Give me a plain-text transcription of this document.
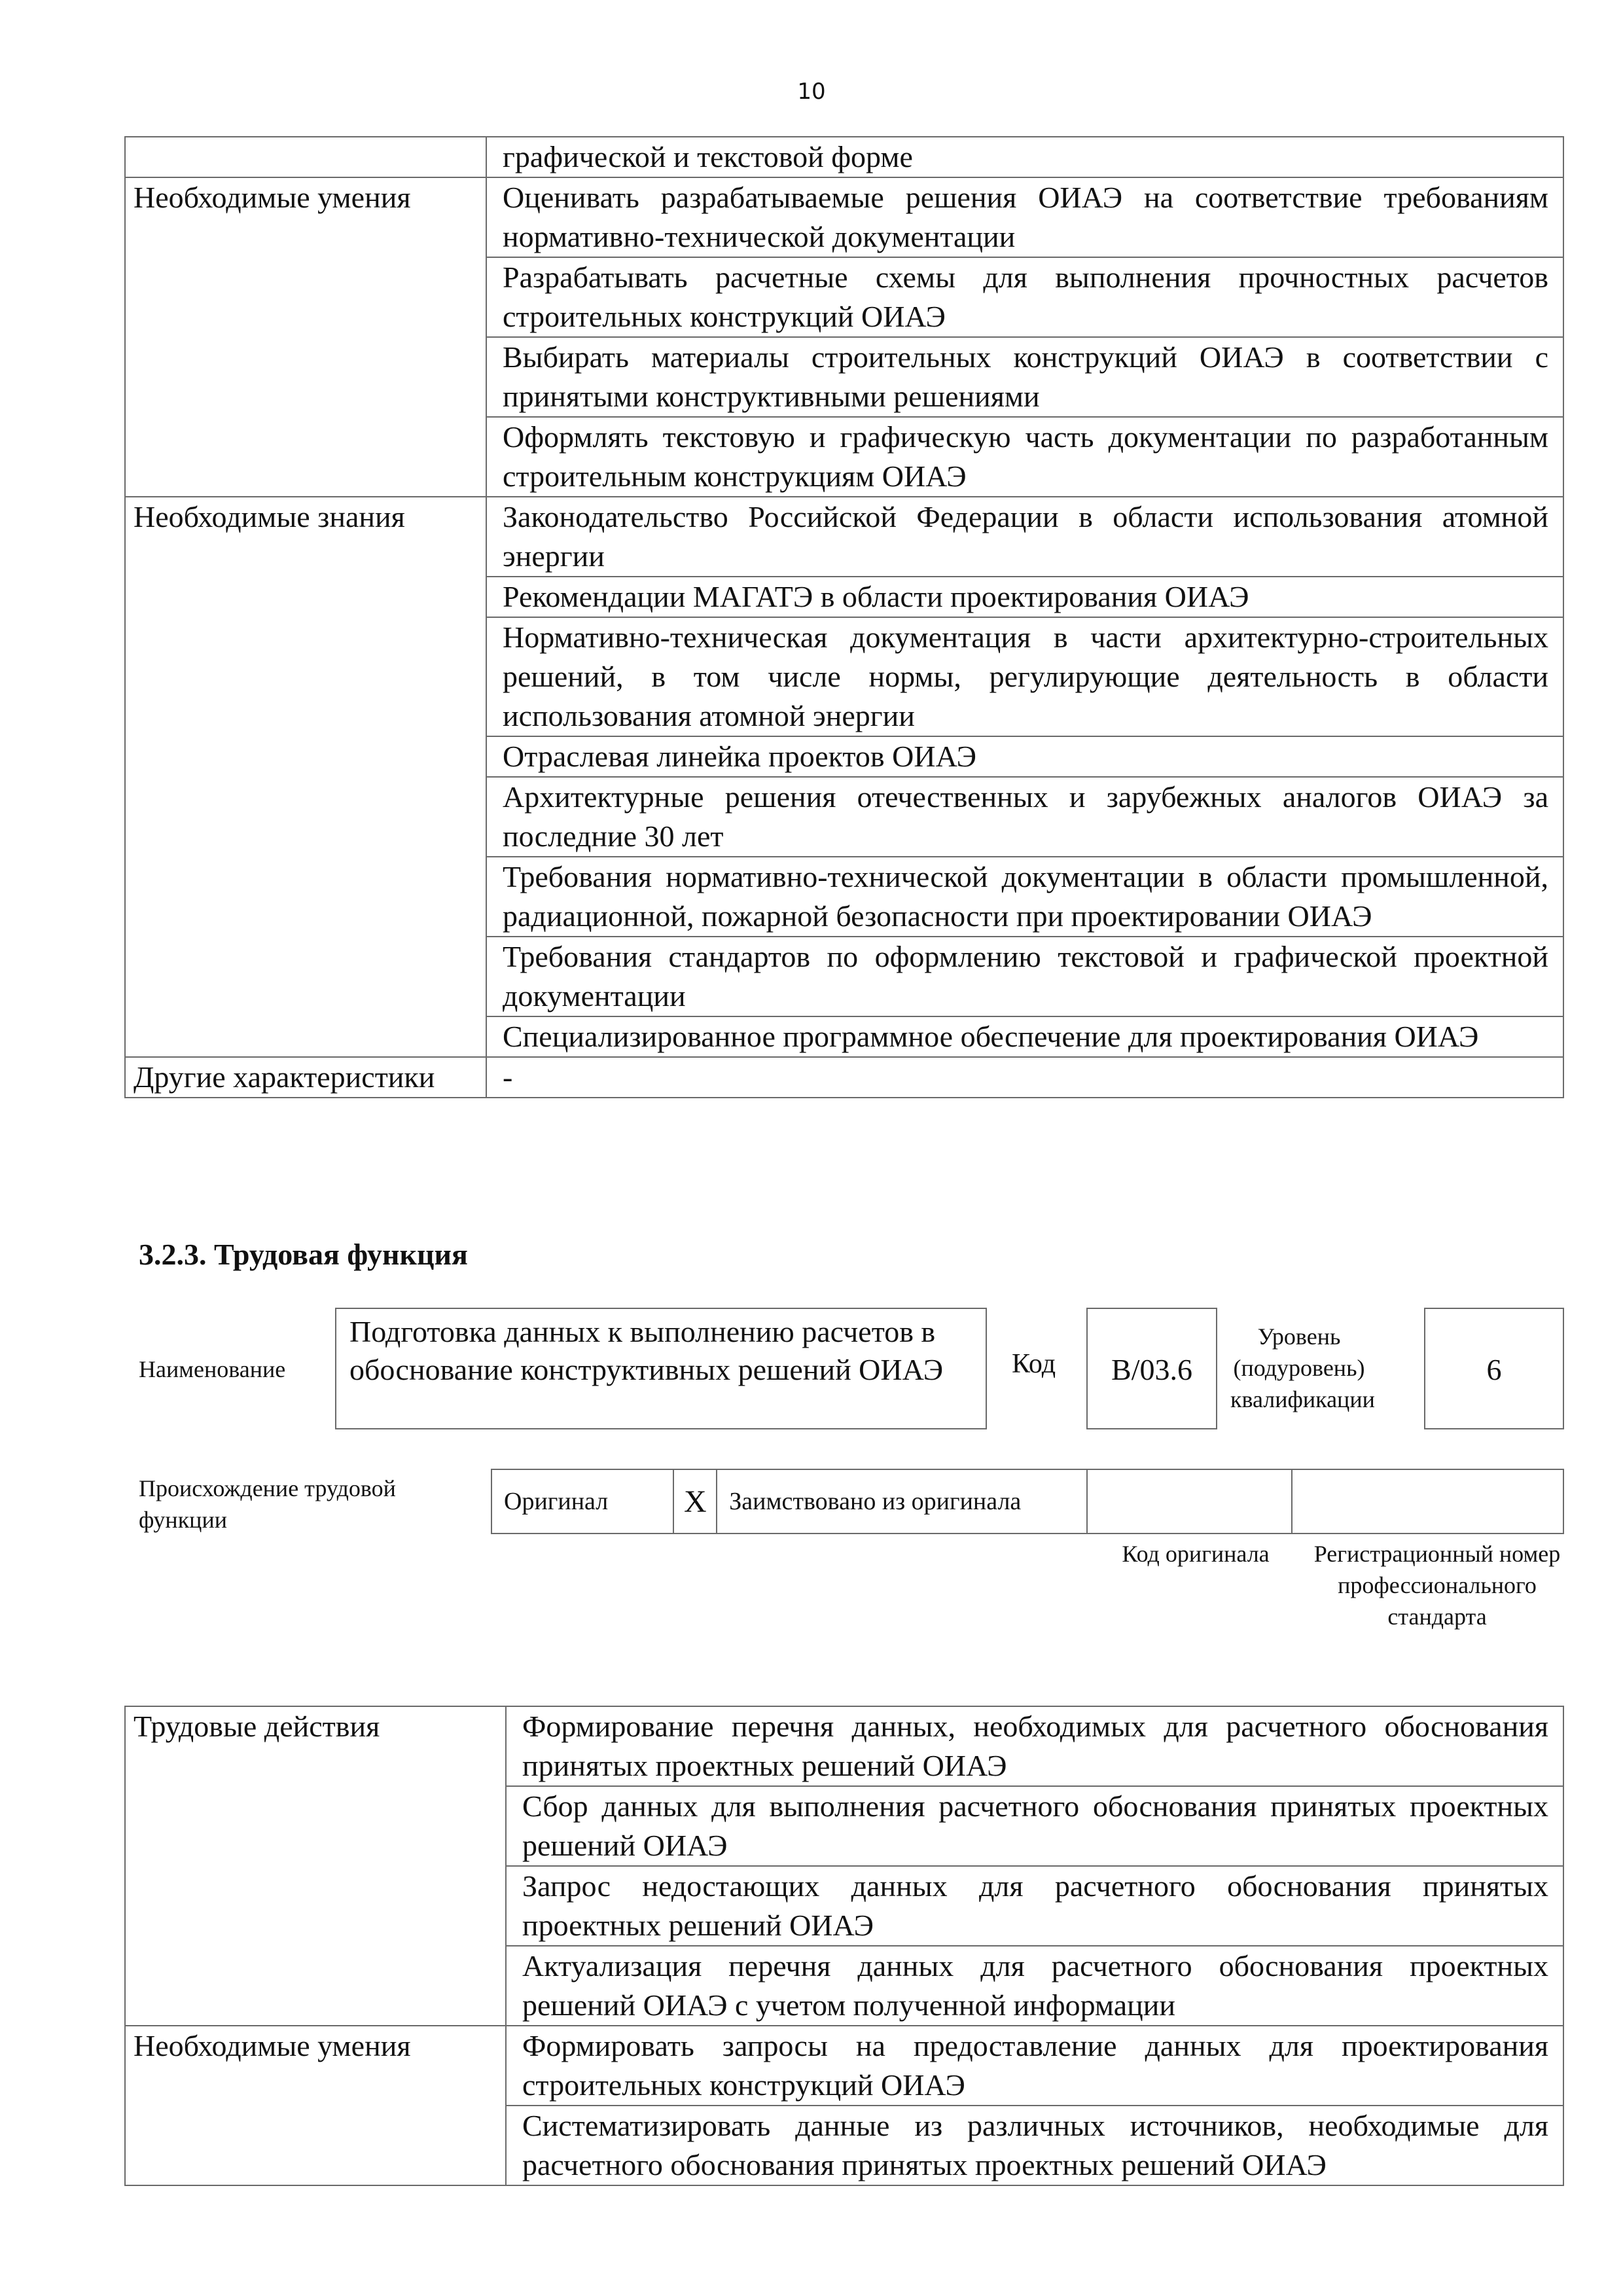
10
	графической и текстовой форме
Необходимые умения	Оценивать разрабатываемые решения ОИАЭ на соответствие требованиям нормативно-технической документации
	Разрабатывать расчетные схемы для выполнения прочностных расчетов строительных конструкций ОИАЭ
	Выбирать материалы строительных конструкций ОИАЭ в соответствии с принятыми конструктивными решениями
	Оформлять текстовую и графическую часть документации по разработанным строительным конструкциям ОИАЭ
Необходимые знания	Законодательство Российской Федерации в области использования атомной энергии
	Рекомендации МАГАТЭ в области проектирования ОИАЭ
	Нормативно-техническая документация в части архитектурно-строительных решений, в том числе нормы, регулирующие деятельность в области использования атомной энергии
	Отраслевая линейка проектов ОИАЭ
	Архитектурные решения отечественных и зарубежных аналогов ОИАЭ за последние 30 лет
	Требования нормативно-технической документации в области промышленной, радиационной, пожарной безопасности при проектировании ОИАЭ
	Требования стандартов по оформлению текстовой и графической проектной документации
	Специализированное программное обеспечение для проектирования ОИАЭ
Другие характеристики	-
3.2.3. Трудовая функция
Наименование
Подготовка данных к выполнению расчетов в обоснование конструктивных решений ОИАЭ	Код	B/03.6
Уровень (подуровень) квалификации
6
Происхождение трудовой функции
Оригинал	X	Заимствовано из оригинала		
Код оригинала	Регистрационный номер профессионального стандарта
Трудовые действия	Формирование перечня данных, необходимых для расчетного обоснования принятых проектных решений ОИАЭ
	Сбор данных для выполнения расчетного обоснования принятых проектных решений ОИАЭ
	Запрос недостающих данных для расчетного обоснования принятых проектных решений ОИАЭ
	Актуализация перечня данных для расчетного обоснования проектных решений ОИАЭ с учетом полученной информации
Необходимые умения	Формировать запросы на предоставление данных для проектирования строительных конструкций ОИАЭ
	Систематизировать данные из различных источников, необходимые для расчетного обоснования принятых проектных решений ОИАЭ
